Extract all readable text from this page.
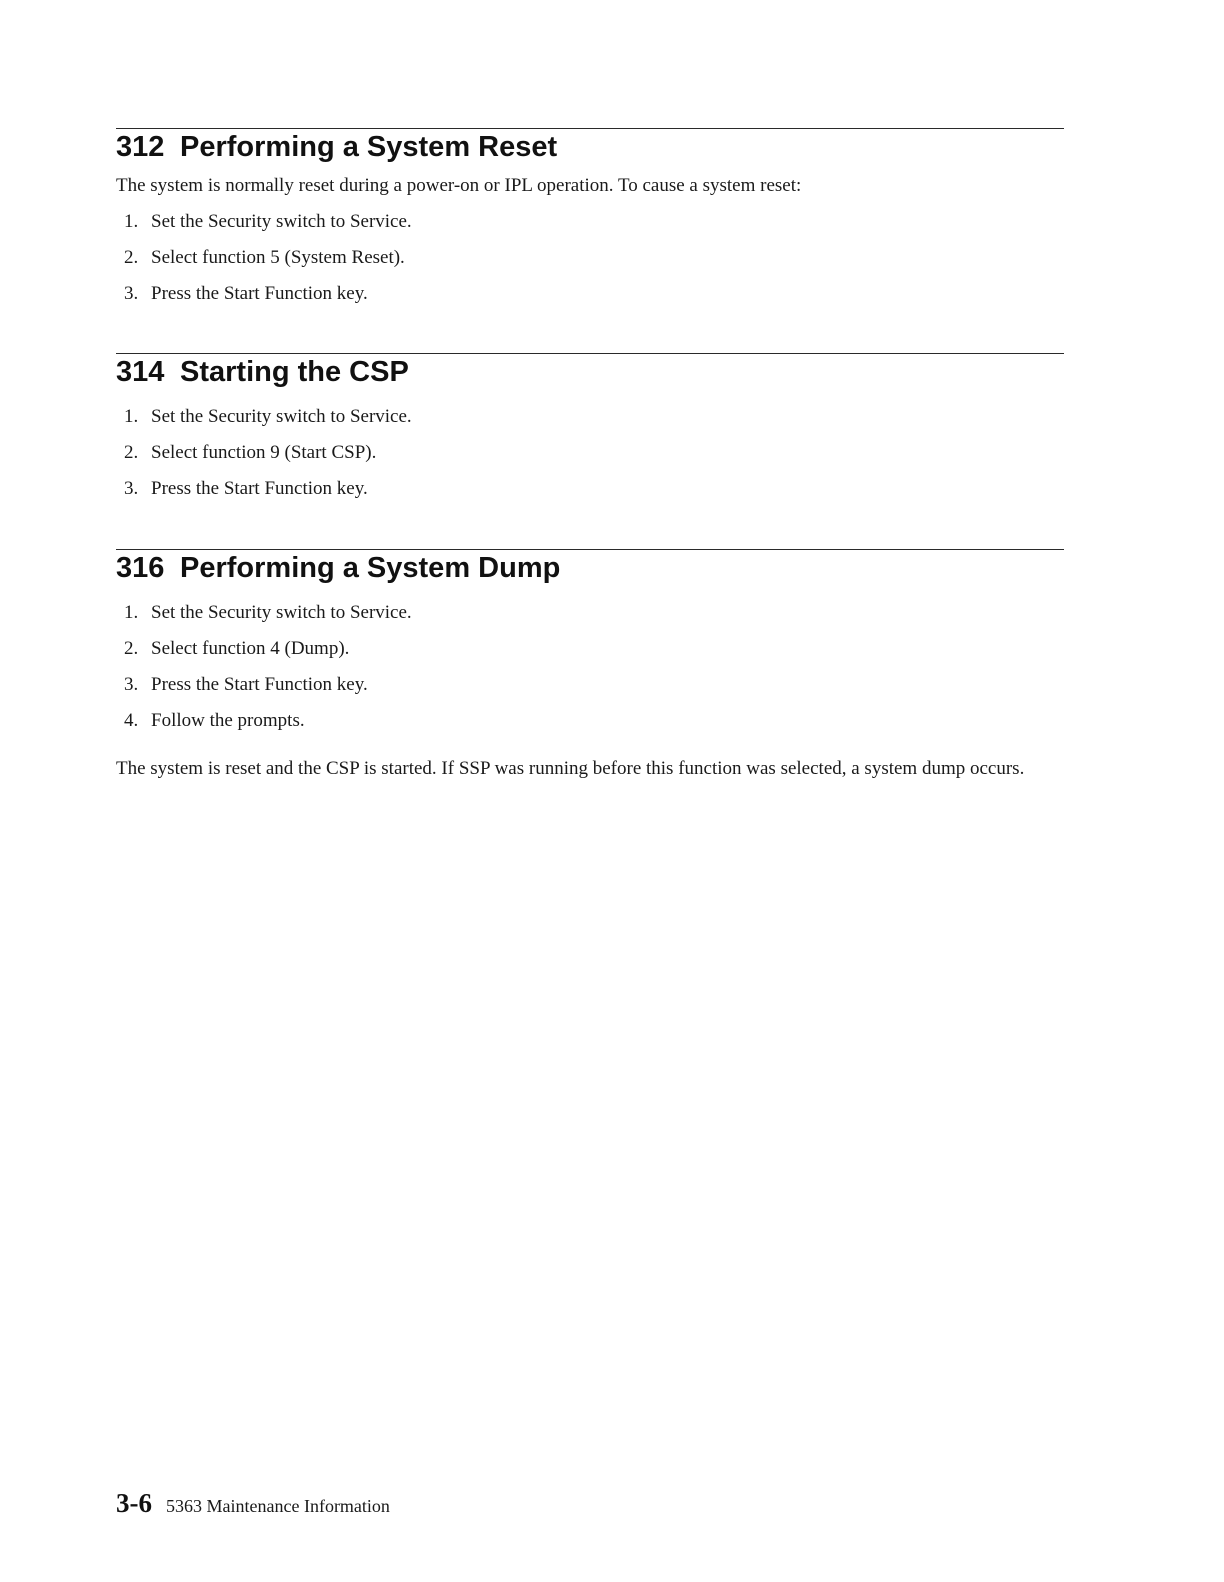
312 Performing a System Reset

The system is normally reset during a power-on or IPL operation. To cause a system reset:

1. Set the Security switch to Service.
2. Select function 5 (System Reset).
3. Press the Start Function key.
314 Starting the CSP
1. Set the Security switch to Service.
2. Select function 9 (Start CSP).
3. Press the Start Function key.
316 Performing a System Dump
1. Set the Security switch to Service.
2. Select function 4 (Dump).
3. Press the Start Function key.
4. Follow the prompts.

The system is reset and the CSP is started. If SSP was running before this function was selected, a system dump occurs.

3-6 5363 Maintenance Information
